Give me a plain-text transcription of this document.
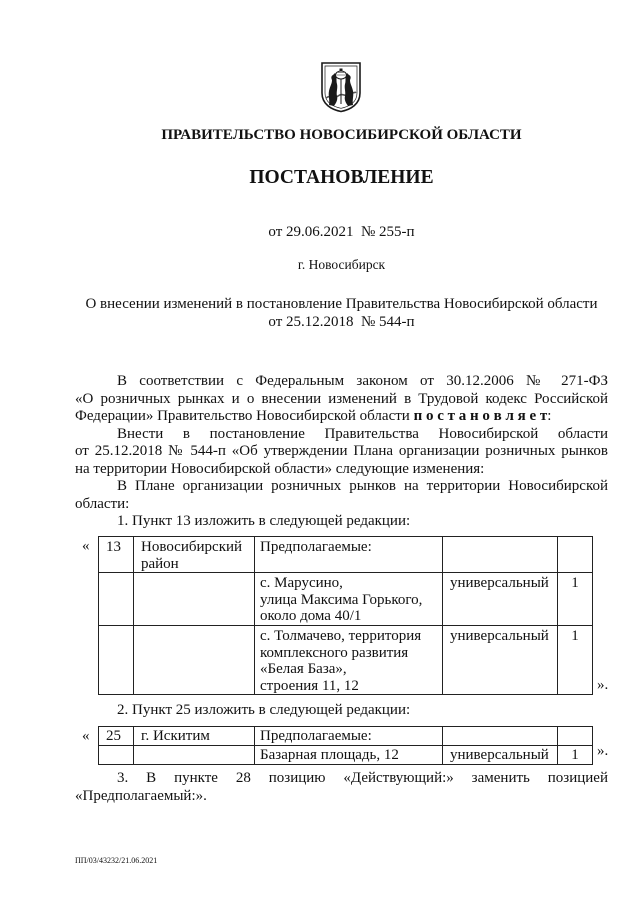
ПРАВИТЕЛЬСТВО НОВОСИБИРСКОЙ ОБЛАСТИ
ПОСТАНОВЛЕНИЕ
от 29.06.2021  № 255-п
г. Новосибирск
О внесении изменений в постановление Правительства Новосибирской области
от 25.12.2018  № 544-п
В соответствии с Федеральным законом от 30.12.2006 № 271-ФЗ
«О розничных рынках и о внесении изменений в Трудовой кодекс Российской
Федерации» Правительство Новосибирской области п о с т а н о в л я е т:
Внести в постановление Правительства Новосибирской области
от 25.12.2018 № 544-п «Об утверждении Плана организации розничных рынков
на территории Новосибирской области» следующие изменения:
В Плане организации розничных рынков на территории Новосибирской
области:
1. Пункт 13 изложить в следующей редакции:
« 13	Новосибирский район	Предполагаемые:		

		с. Марусино,
улица Максима Горького,
около дома 40/1	универсальный	1

		с. Толмачево, территория
комплексного развития
«Белая База»,
строения 11, 12	универсальный	1
».
2. Пункт 25 изложить в следующей редакции:
« 25	г. Искитим	Предполагаемые:		

		Базарная площадь, 12	универсальный	1 ».
3. В пункте 28 позицию «Действующий:» заменить позицией
«Предполагаемый:».
ПП/03/43232/21.06.2021
